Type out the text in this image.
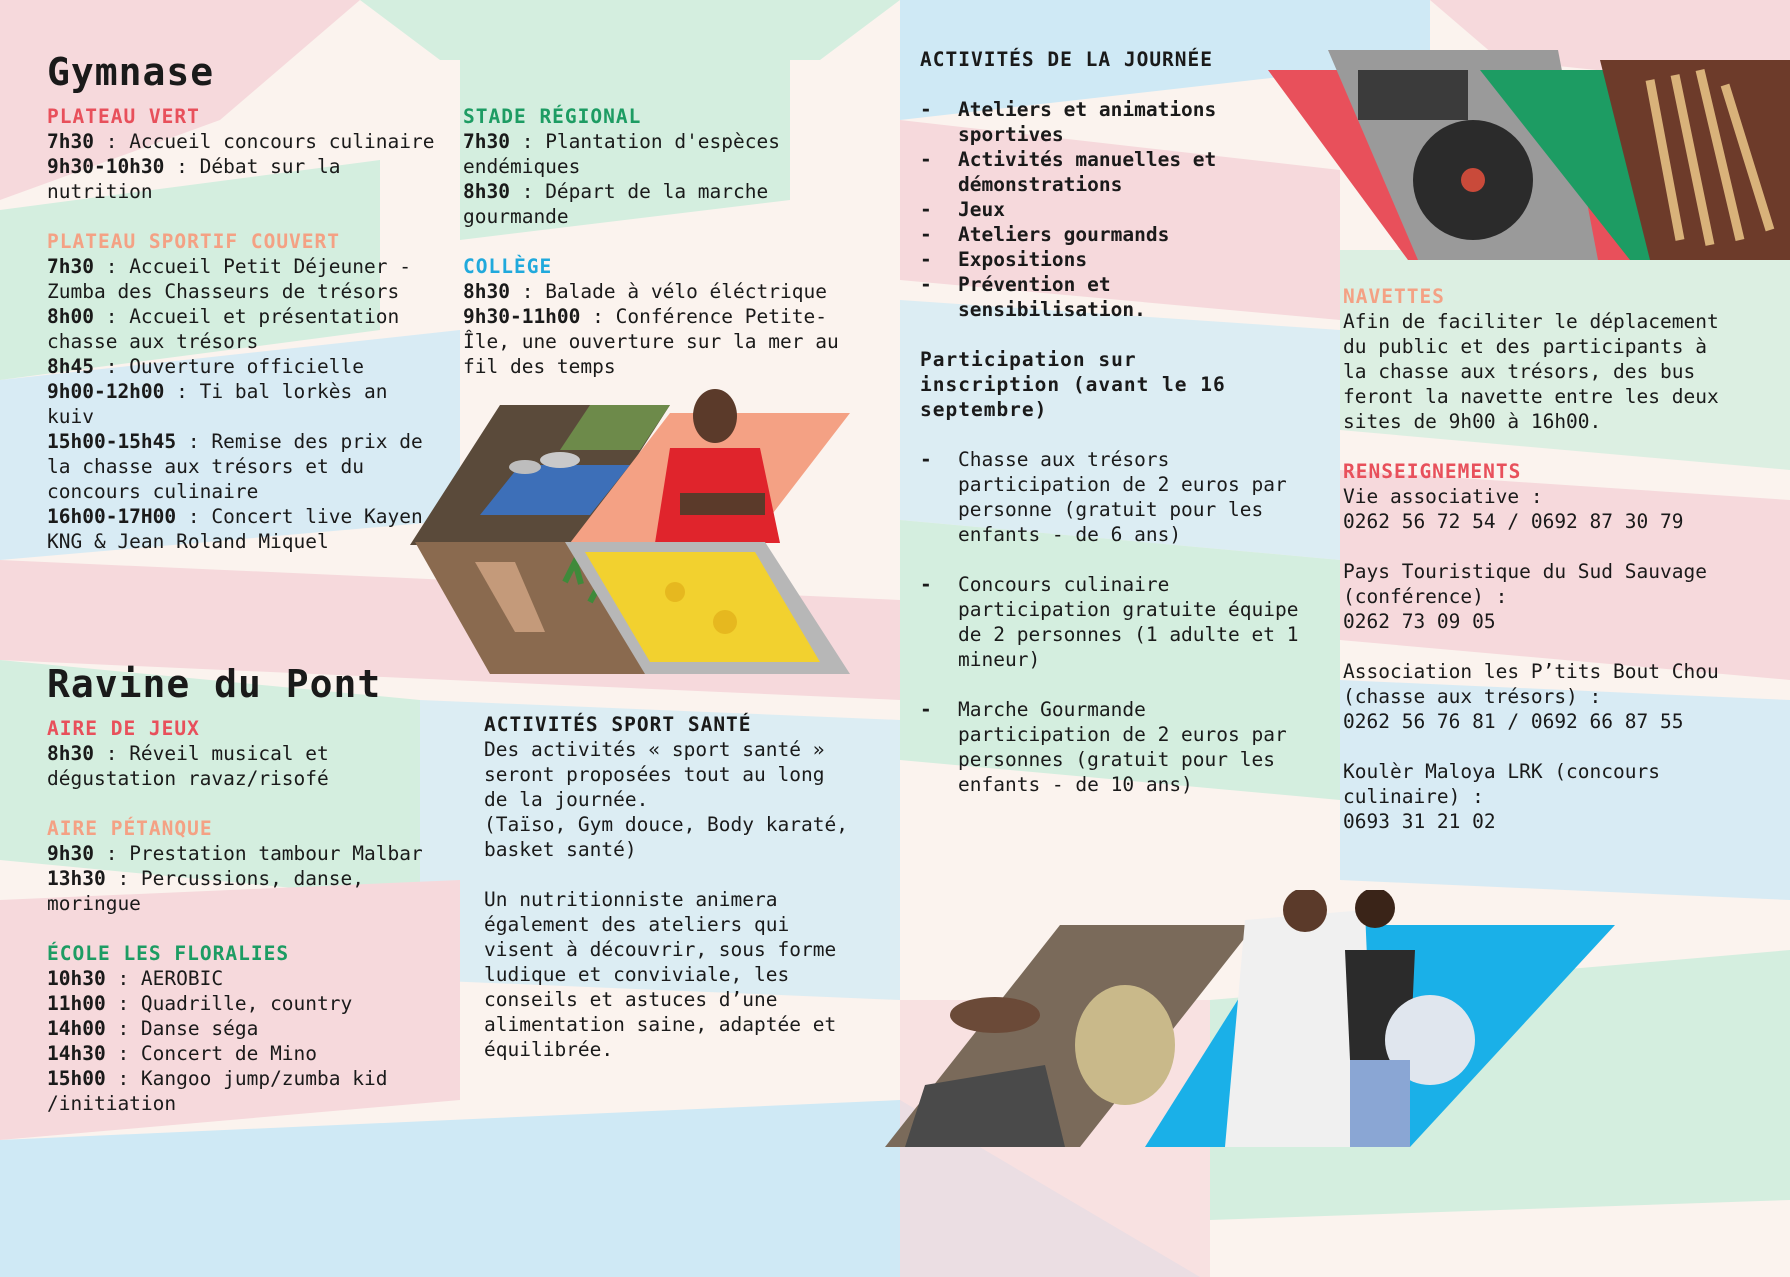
Gymnase

PLATEAU VERT

7h30 : Accueil concours culinaire

9h30-10h30 : Débat sur la nutrition

PLATEAU SPORTIF COUVERT

7h30 : Accueil Petit Déjeuner - Zumba des Chasseurs de trésors

8h00 : Accueil et présentation chasse aux trésors

8h45 : Ouverture officielle

9h00-12h00 : Ti bal lorkès an kuiv

15h00-15h45 : Remise des prix de la chasse aux trésors et du concours culinaire

16h00-17H00 : Concert live Kayen KNG & Jean Roland Miquel

STADE RÉGIONAL

7h30 : Plantation d'espèces endémiques

8h30 : Départ de la marche gourmande

COLLÈGE

8h30 : Balade à vélo éléctrique

9h30-11h00 : Conférence Petite-Île, une ouverture sur la mer au fil des temps

Ravine du Pont

AIRE DE JEUX

8h30 : Réveil musical et dégustation ravaz/risofé

AIRE PÉTANQUE

9h30 : Prestation tambour Malbar

13h30 : Percussions, danse, moringue

ÉCOLE LES FLORALIES

10h30 : AEROBIC

11h00 : Quadrille, country

14h00 : Danse séga

14h30 : Concert de Mino

15h00 : Kangoo jump/zumba kid /initiation

ACTIVITÉS SPORT SANTÉ

Des activités « sport santé » seront proposées tout au long de la journée.

(Taïso, Gym douce, Body karaté, basket santé)

Un nutritionniste animera également des ateliers qui visent à découvrir, sous forme ludique et conviviale, les conseils et astuces d’une alimentation saine, adaptée et équilibrée.

ACTIVITÉS DE LA JOURNÉE

- Ateliers et animations sportives
- Activités manuelles et démonstrations
- Jeux
- Ateliers gourmands
- Expositions
- Prévention et sensibilisation.

Participation sur inscription (avant le 16 septembre)

- Chasse aux trésors participation de 2 euros par personne (gratuit pour les enfants - de 6 ans)
- Concours culinaire participation gratuite équipe de 2 personnes (1 adulte et 1 mineur)
- Marche Gourmande participation de 2 euros par personnes (gratuit pour les enfants - de 10 ans)

NAVETTES

Afin de faciliter le déplacement du public et des participants à la chasse aux trésors, des bus feront la navette entre les deux sites de 9h00 à 16h00.

RENSEIGNEMENTS

Vie associative :

0262 56 72 54 / 0692 87 30 79

Pays Touristique du Sud Sauvage (conférence) :

0262 73 09 05

Association les P’tits Bout Chou (chasse aux trésors) :

0262 56 76 81 / 0692 66 87 55

Koulèr Maloya LRK (concours culinaire) :

0693 31 21 02
